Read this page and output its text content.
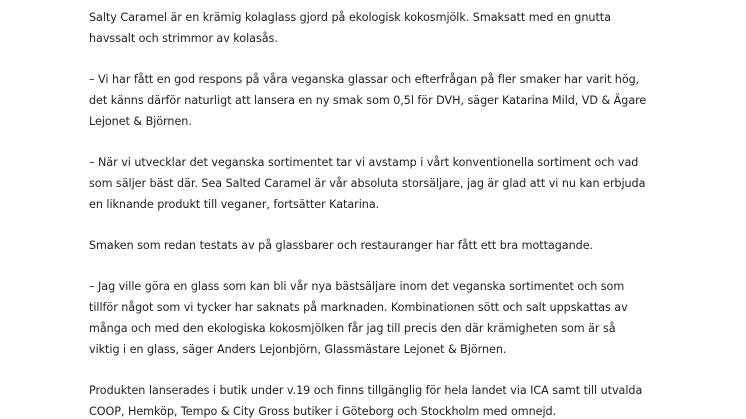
Salty Caramel är en krämig kolaglass gjord på ekologisk kokosmjölk. Smaksatt med en gnutta
havssalt och strimmor av kolasås.
– Vi har fått en god respons på våra veganska glassar och efterfrågan på fler smaker har varit hög,
det känns därför naturligt att lansera en ny smak som 0,5l för DVH, säger Katarina Mild, VD & Ägare
Lejonet & Björnen.
– När vi utvecklar det veganska sortimentet tar vi avstamp i vårt konventionella sortiment och vad
som säljer bäst där. Sea Salted Caramel är vår absoluta storsäljare, jag är glad att vi nu kan erbjuda
en liknande produkt till veganer, fortsätter Katarina.
Smaken som redan testats av på glassbarer och restauranger har fått ett bra mottagande.
– Jag ville göra en glass som kan bli vår nya bästsäljare inom det veganska sortimentet och som
tillför något som vi tycker har saknats på marknaden. Kombinationen sött och salt uppskattas av
många och med den ekologiska kokosmjölken får jag till precis den där krämigheten som är så
viktig i en glass, säger Anders Lejonbjörn, Glassmästare Lejonet & Björnen.
Produkten lanserades i butik under v.19 och finns tillgänglig för hela landet via ICA samt till utvalda
COOP, Hemköp, Tempo & City Gross butiker i Göteborg och Stockholm med omnejd.
